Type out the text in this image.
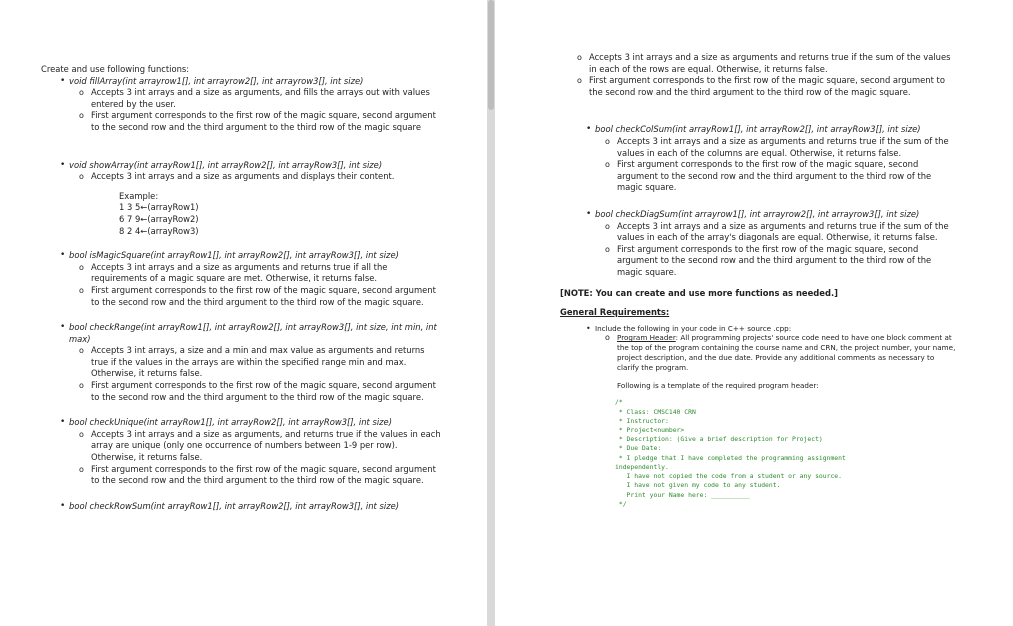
Create and use following functions:
• void fillArray(int arrayrow1[], int arrayrow2[], int arrayrow3[], int size)
o Accepts 3 int arrays and a size as arguments, and fills the arrays out with values entered by the user.
o First argument corresponds to the first row of the magic square, second argument to the second row and the third argument to the third row of the magic square
• void showArray(int arrayRow1[], int arrayRow2[], int arrayRow3[], int size)
o Accepts 3 int arrays and a size as arguments and displays their content.
Example:
1 3 5←(arrayRow1)
6 7 9←(arrayRow2)
8 2 4←(arrayRow3)
• bool isMagicSquare(int arrayRow1[], int arrayRow2[], int arrayRow3[], int size)
o Accepts 3 int arrays and a size as arguments and returns true if all the requirements of a magic square are met. Otherwise, it returns false.
o First argument corresponds to the first row of the magic square, second argument to the second row and the third argument to the third row of the magic square.
• bool checkRange(int arrayRow1[], int arrayRow2[], int arrayRow3[], int size, int min, int max)
o Accepts 3 int arrays, a size and a min and max value as arguments and returns true if the values in the arrays are within the specified range min and max. Otherwise, it returns false.
o First argument corresponds to the first row of the magic square, second argument to the second row and the third argument to the third row of the magic square.
• bool checkUnique(int arrayRow1[], int arrayRow2[], int arrayRow3[], int size)
o Accepts 3 int arrays and a size as arguments, and returns true if the values in each array are unique (only one occurrence of numbers between 1-9 per row). Otherwise, it returns false.
o First argument corresponds to the first row of the magic square, second argument to the second row and the third argument to the third row of the magic square.
• bool checkRowSum(int arrayRow1[], int arrayRow2[], int arrayRow3[], int size)
o Accepts 3 int arrays and a size as arguments and returns true if the sum of the values in each of the rows are equal. Otherwise, it returns false.
o First argument corresponds to the first row of the magic square, second argument to the second row and the third argument to the third row of the magic square.
• bool checkColSum(int arrayRow1[], int arrayRow2[], int arrayRow3[], int size)
o Accepts 3 int arrays and a size as arguments and returns true if the sum of the values in each of the columns are equal. Otherwise, it returns false.
o First argument corresponds to the first row of the magic square, second argument to the second row and the third argument to the third row of the magic square.
• bool checkDiagSum(int arrayrow1[], int arrayrow2[], int arrayrow3[], int size)
o Accepts 3 int arrays and a size as arguments and returns true if the sum of the values in each of the array's diagonals are equal. Otherwise, it returns false.
o First argument corresponds to the first row of the magic square, second argument to the second row and the third argument to the third row of the magic square.
[NOTE: You can create and use more functions as needed.]
General Requirements:
• Include the following in your code in C++ source .cpp:
o Program Header: All programming projects' source code need to have one block comment at the top of the program containing the course name and CRN, the project number, your name, project description, and the due date. Provide any additional comments as necessary to clarify the program.
Following is a template of the required program header:
/*
* Class: CMSC140 CRN
* Instructor:
* Project<number>
* Description: (Give a brief description for Project)
* Due Date:
* I pledge that I have completed the programming assignment
independently.
I have not copied the code from a student or any source.
I have not given my code to any student.
Print your Name here: __________
*/
